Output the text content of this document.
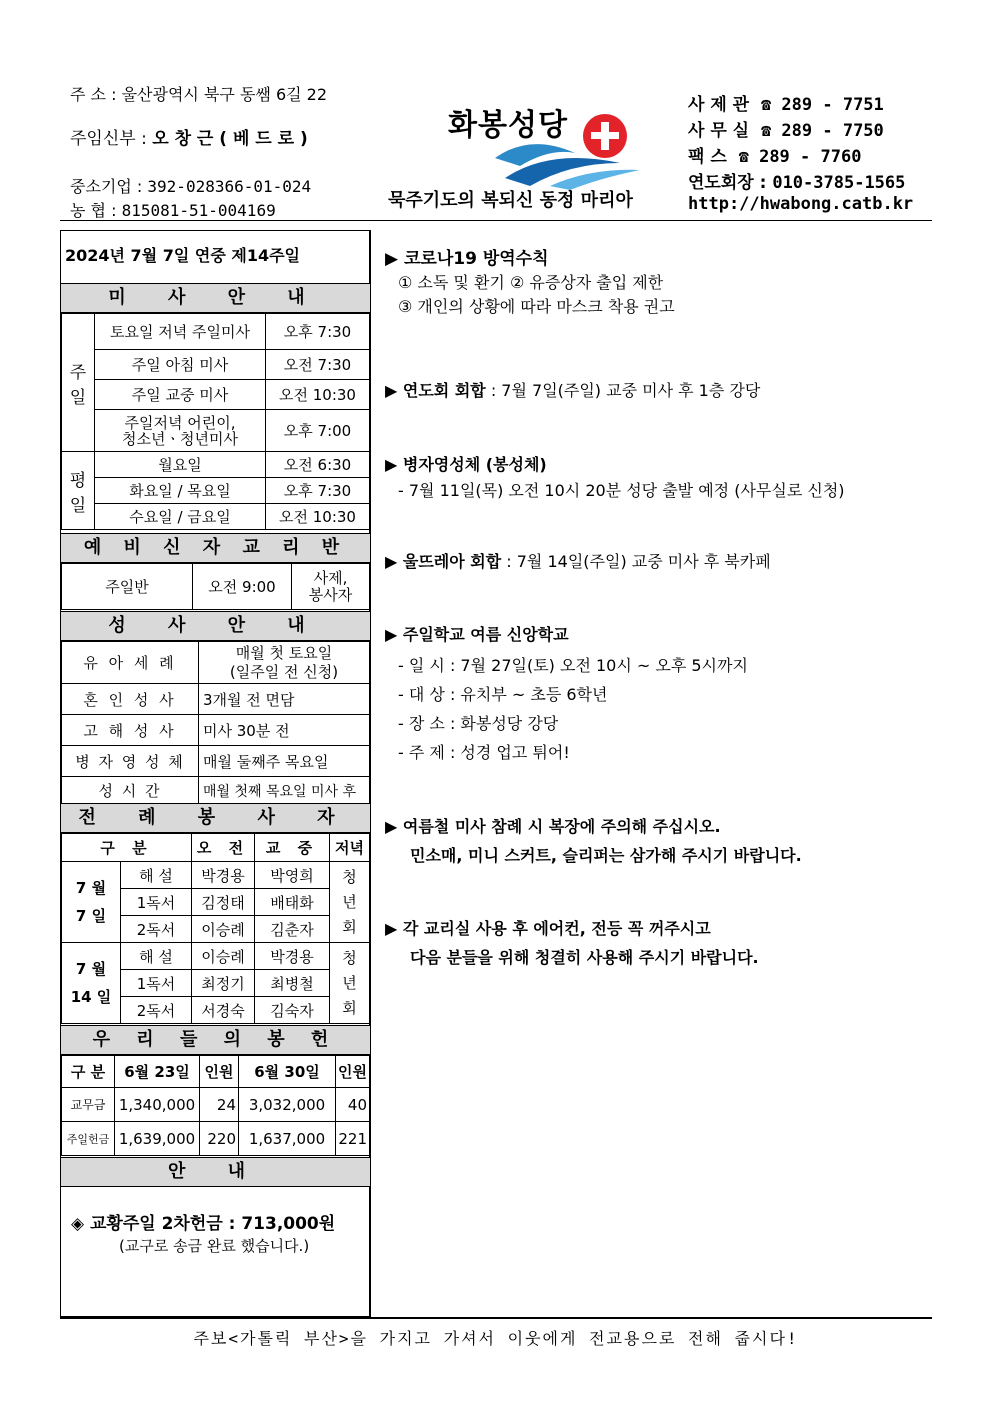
주 소 : 울산광역시 북구 동쌤 6길 22
주임신부 : 오 창 근 ( 베 드 로 )
중소기업 : 392-028366-01-024
농 협 : 815081-51-004169
화봉성당
묵주기도의 복되신 동정 마리아
사 제 관 ☎ 289 - 7751
사 무 실 ☎ 289 - 7750
팩 스 ☎ 289 - 7760
연도회장 : 010-3785-1565
http://hwabong.catb.kr
2024년 7월 7일 연중 제14주일
미 사 안 내
주
일	토요일 저녁 주일미사	오후 7:30
	주일 아침 미사	오전 7:30
	주일 교중 미사	오전 10:30
	주일저녁 어린이,
청소년ㆍ청년미사	오후 7:00
평
일	월요일	오전 6:30
	화요일 / 목요일	오후 7:30
	수요일 / 금요일	오전 10:30
예 비 신 자 교 리 반
주일반	오전 9:00	사제,
봉사자
성 사 안 내
유 아 세 례	매월 첫 토요일
(일주일 전 신청)
혼 인 성 사	3개월 전 면담
고 해 성 사	미사 30분 전
병 자 영 성 체	매월 둘째주 목요일
성 시 간	매월 첫째 목요일 미사 후
전 례 봉 사 자
구 분		오 전	교 중	저녁
7 월
7 일	해 설	박경용	박영희	청
년
회
	1독서	김정태	배태화	
	2독서	이승례	김춘자	
7 월
14 일	해 설	이승례	박경용	청
년
회
	1독서	최정기	최병철	
	2독서	서경숙	김숙자	
우 리 들 의 봉 헌
구 분	6월 23일	인원	6월 30일	인원
교무금	1,340,000	24	3,032,000	40
주일헌금	1,639,000	220	1,637,000	221
안 내
◈ 교황주일 2차헌금 : 713,000원
(교구로 송금 완료 했습니다.)
▶ 코로나19 방역수칙
① 소독 및 환기 ② 유증상자 출입 제한
③ 개인의 상황에 따라 마스크 착용 권고
▶ 연도회 회합 : 7월 7일(주일) 교중 미사 후 1층 강당
▶ 병자영성체 (봉성체)
- 7월 11일(목) 오전 10시 20분 성당 출발 예정 (사무실로 신청)
▶ 울뜨레아 회합 : 7월 14일(주일) 교중 미사 후 북카페
▶ 주일학교 여름 신앙학교
- 일 시 : 7월 27일(토) 오전 10시 ~ 오후 5시까지
- 대 상 : 유치부 ~ 초등 6학년
- 장 소 : 화봉성당 강당
- 주 제 : 성경 업고 튀어!
▶ 여름철 미사 참례 시 복장에 주의해 주십시오.
민소매, 미니 스커트, 슬리퍼는 삼가해 주시기 바랍니다.
▶ 각 교리실 사용 후 에어컨, 전등 꼭 꺼주시고
다음 분들을 위해 청결히 사용해 주시기 바랍니다.
주보<가톨릭 부산>을 가지고 가셔서 이웃에게 전교용으로 전해 줍시다!
